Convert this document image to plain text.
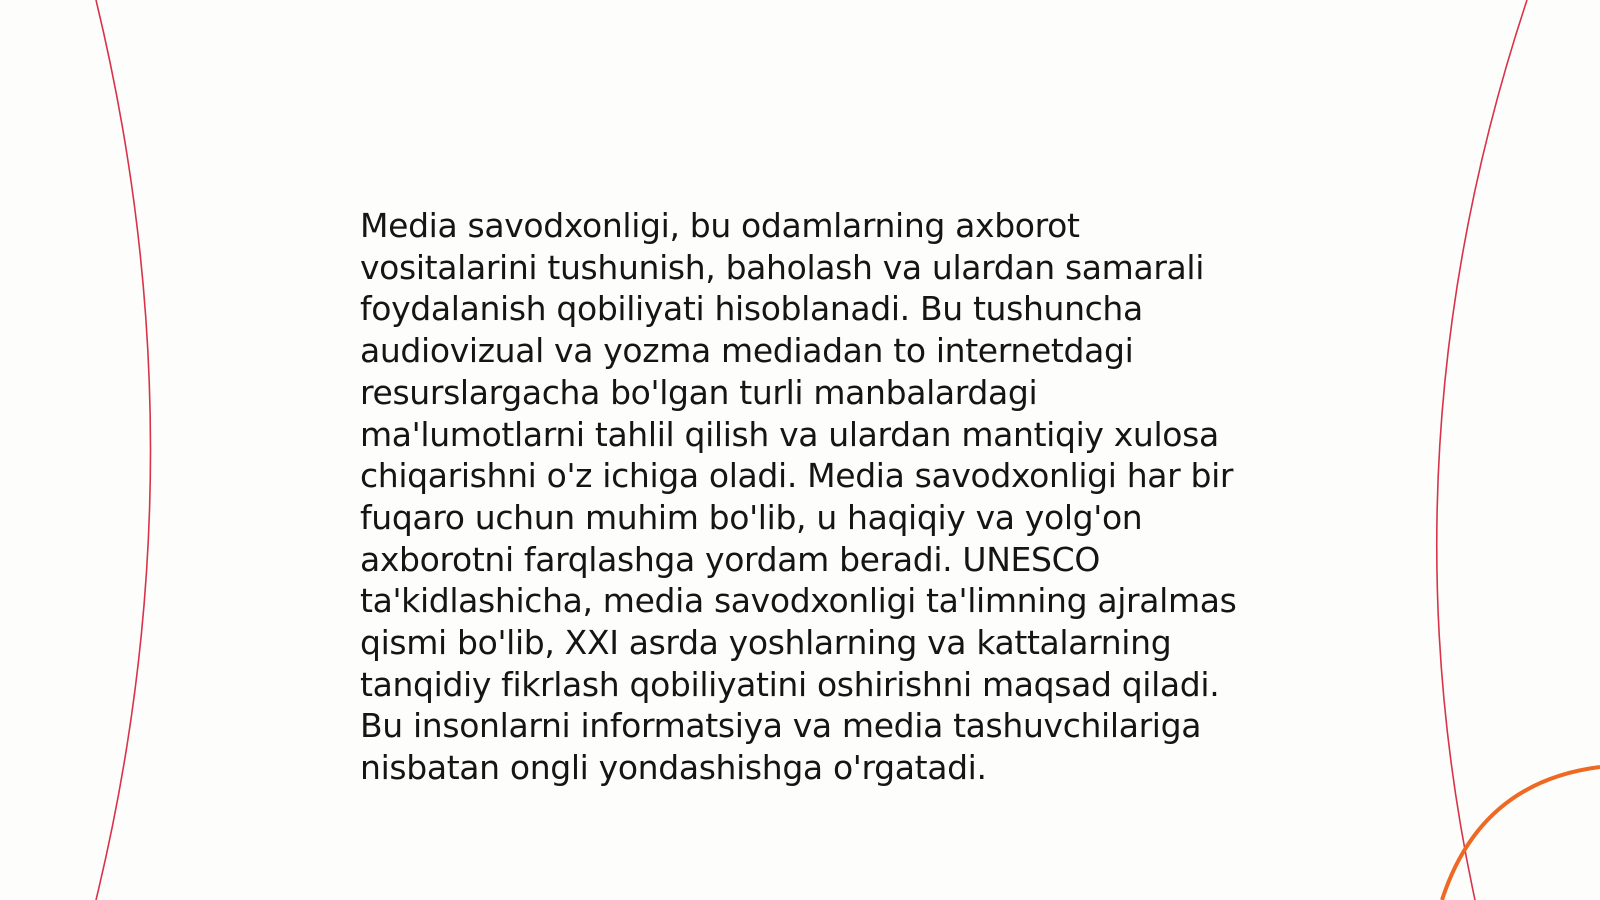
Media savodxonligi, bu odamlarning axborot
vositalarini tushunish, baholash va ulardan samarali
foydalanish qobiliyati hisoblanadi. Bu tushuncha
audiovizual va yozma mediadan to internetdagi
resurslargacha bo'lgan turli manbalardagi
ma'lumotlarni tahlil qilish va ulardan mantiqiy xulosa
chiqarishni o'z ichiga oladi. Media savodxonligi har bir
fuqaro uchun muhim bo'lib, u haqiqiy va yolg'on
axborotni farqlashga yordam beradi. UNESCO
ta'kidlashicha, media savodxonligi ta'limning ajralmas
qismi bo'lib, XXI asrda yoshlarning va kattalarning
tanqidiy fikrlash qobiliyatini oshirishni maqsad qiladi.
Bu insonlarni informatsiya va media tashuvchilariga
nisbatan ongli yondashishga o'rgatadi.
